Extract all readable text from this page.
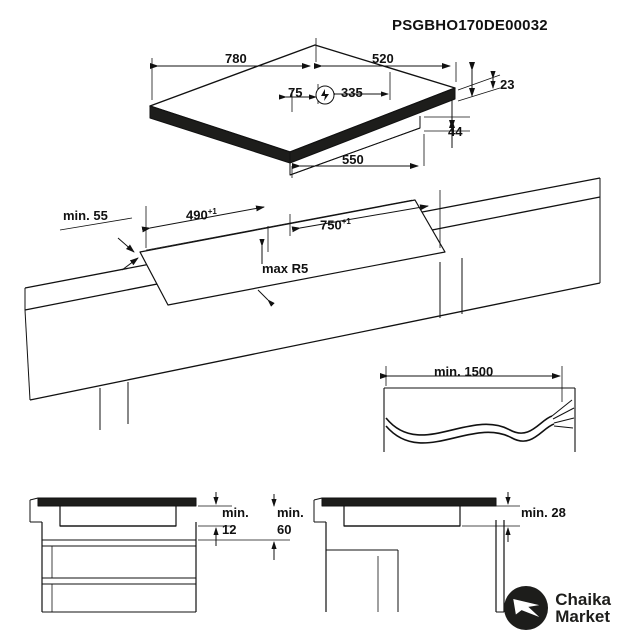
PSGBHO170DE00032
780	520
75	335
23
44
550
min. 55	$490^{+1}$
$750^{+1}$
max R5
min. 1500
min.
12
min.
60
min. 28
Chaika
Market
